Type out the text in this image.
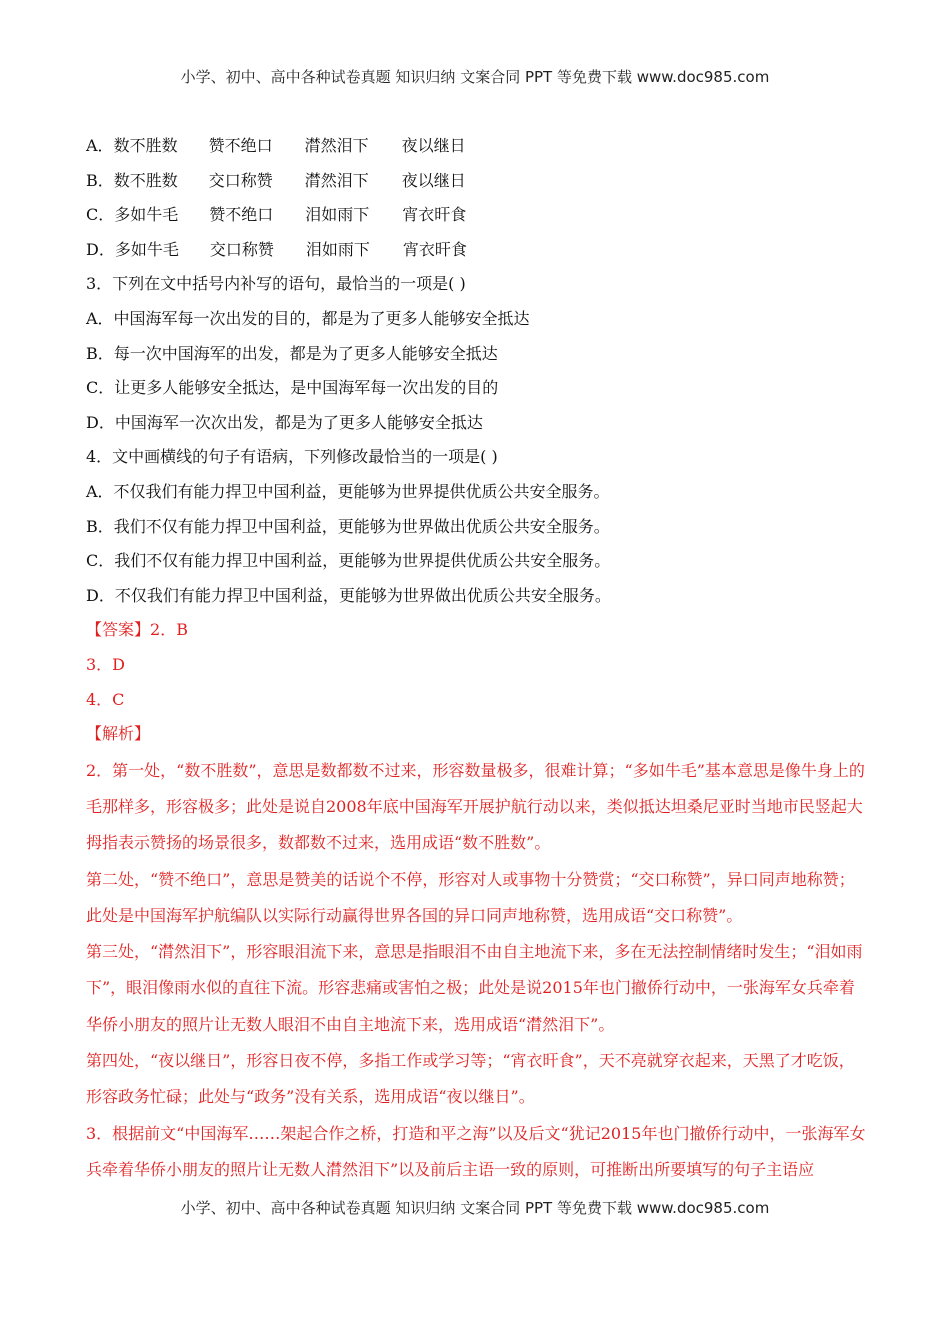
小学、初中、高中各种试卷真题 知识归纳 文案合同 PPT 等免费下载 www.doc985.com
A．数不胜数 赞不绝口 潸然泪下 夜以继日
B．数不胜数 交口称赞 潸然泪下 夜以继日
C．多如牛毛 赞不绝口 泪如雨下 宵衣旰食
D．多如牛毛 交口称赞 泪如雨下 宵衣旰食
3．下列在文中括号内补写的语句，最恰当的一项是( )
A．中国海军每一次出发的目的，都是为了更多人能够安全抵达
B．每一次中国海军的出发，都是为了更多人能够安全抵达
C．让更多人能够安全抵达，是中国海军每一次出发的目的
D．中国海军一次次出发，都是为了更多人能够安全抵达
4．文中画横线的句子有语病，下列修改最恰当的一项是( )
A．不仅我们有能力捍卫中国利益，更能够为世界提供优质公共安全服务。
B．我们不仅有能力捍卫中国利益，更能够为世界做出优质公共安全服务。
C．我们不仅有能力捍卫中国利益，更能够为世界提供优质公共安全服务。
D．不仅我们有能力捍卫中国利益，更能够为世界做出优质公共安全服务。
【答案】2．B
3．D
4．C
【解析】

2．第一处，“数不胜数”，意思是数都数不过来，形容数量极多，很难计算；“多如牛毛”基本意思是像牛身上的毛那样多，形容极多；此处是说自2008年底中国海军开展护航行动以来，类似抵达坦桑尼亚时当地市民竖起大拇指表示赞扬的场景很多，数都数不过来，选用成语“数不胜数”。

第二处，“赞不绝口”，意思是赞美的话说个不停，形容对人或事物十分赞赏；“交口称赞”，异口同声地称赞；此处是中国海军护航编队以实际行动赢得世界各国的异口同声地称赞，选用成语“交口称赞”。

第三处，“潸然泪下”，形容眼泪流下来，意思是指眼泪不由自主地流下来，多在无法控制情绪时发生；“泪如雨下”，眼泪像雨水似的直往下流。形容悲痛或害怕之极；此处是说2015年也门撤侨行动中，一张海军女兵牵着华侨小朋友的照片让无数人眼泪不由自主地流下来，选用成语“潸然泪下”。

第四处，“夜以继日”，形容日夜不停，多指工作或学习等；“宵衣旰食”，天不亮就穿衣起来，天黑了才吃饭，形容政务忙碌；此处与“政务”没有关系，选用成语“夜以继日”。

3．根据前文“中国海军……架起合作之桥，打造和平之海”以及后文“犹记2015年也门撤侨行动中，一张海军女兵牵着华侨小朋友的照片让无数人潸然泪下”以及前后主语一致的原则，可推断出所要填写的句子主语应

小学、初中、高中各种试卷真题 知识归纳 文案合同 PPT 等免费下载 www.doc985.com
